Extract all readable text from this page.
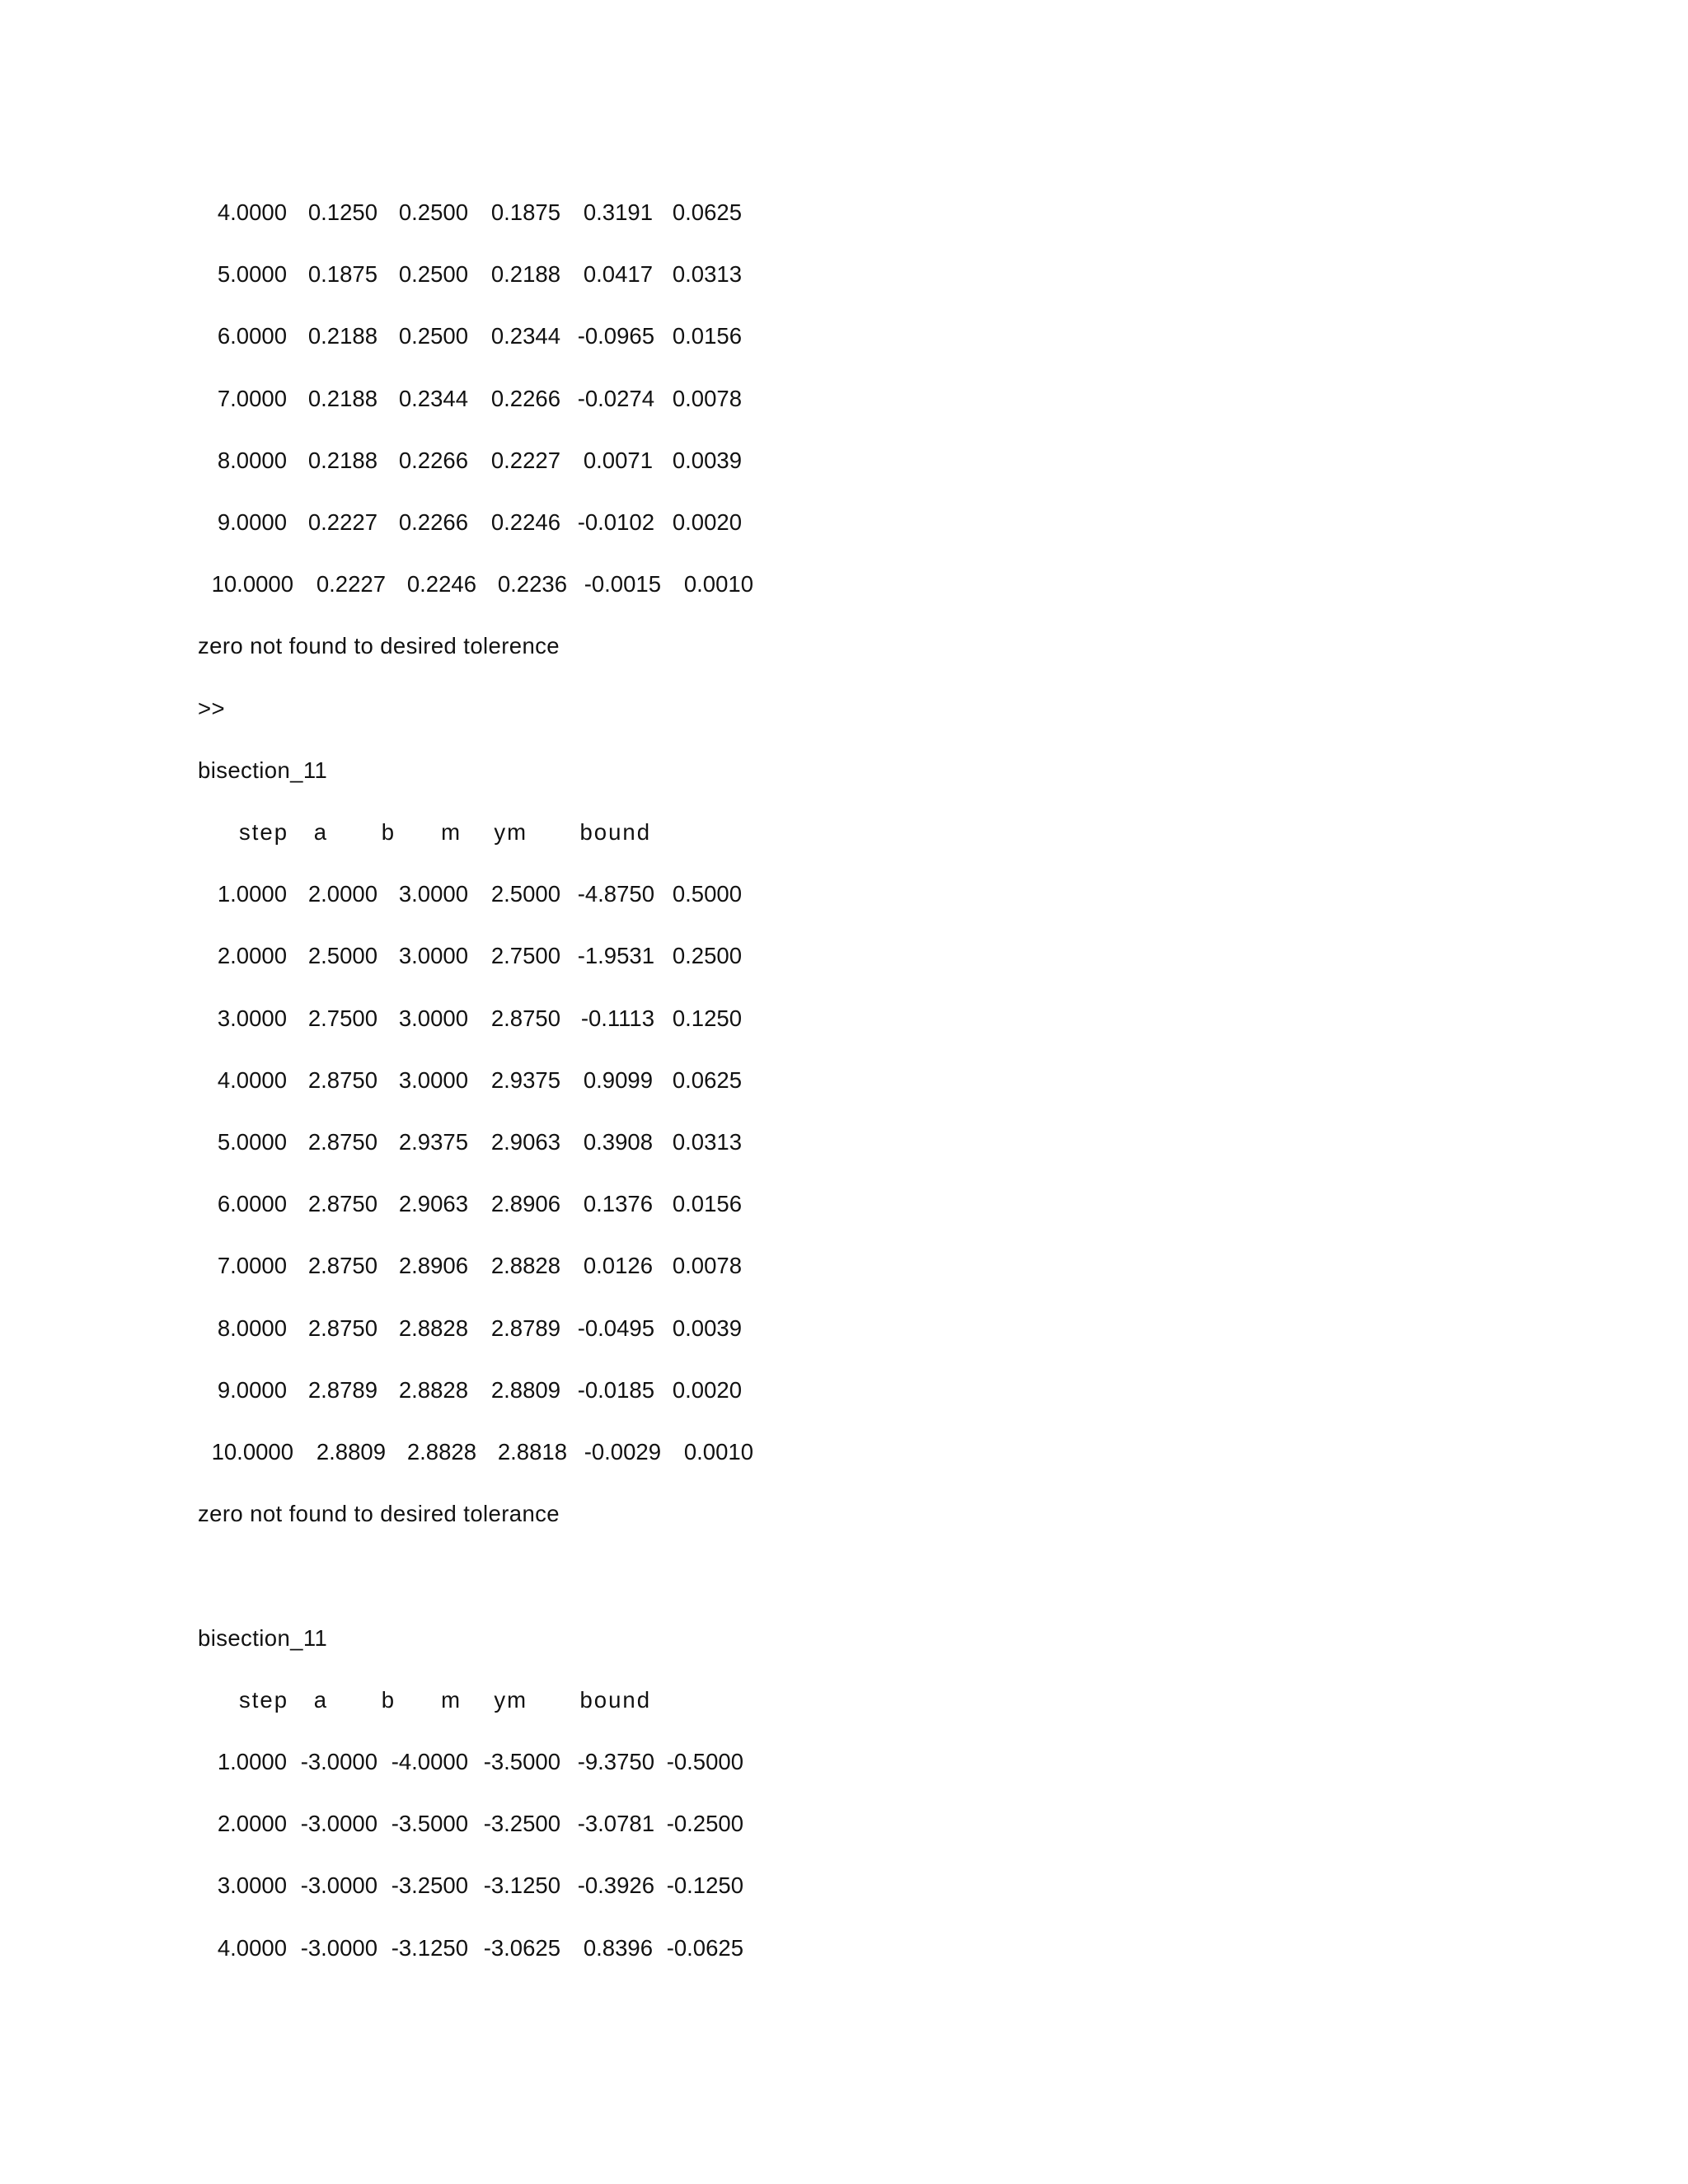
4.0000 0.1250 0.2500 0.1875 0.3191 0.0625
5.0000 0.1875 0.2500 0.2188 0.0417 0.0313
6.0000 0.2188 0.2500 0.2344 -0.0965 0.0156
7.0000 0.2188 0.2344 0.2266 -0.0274 0.0078
8.0000 0.2188 0.2266 0.2227 0.0071 0.0039
9.0000 0.2227 0.2266 0.2246 -0.0102 0.0020
10.0000 0.2227 0.2246 0.2236 -0.0015 0.0010
zero not found to desired tolerence
>>
bisection_11
step a b m ym bound
1.0000 2.0000 3.0000 2.5000 -4.8750 0.5000
2.0000 2.5000 3.0000 2.7500 -1.9531 0.2500
3.0000 2.7500 3.0000 2.8750 -0.1113 0.1250
4.0000 2.8750 3.0000 2.9375 0.9099 0.0625
5.0000 2.8750 2.9375 2.9063 0.3908 0.0313
6.0000 2.8750 2.9063 2.8906 0.1376 0.0156
7.0000 2.8750 2.8906 2.8828 0.0126 0.0078
8.0000 2.8750 2.8828 2.8789 -0.0495 0.0039
9.0000 2.8789 2.8828 2.8809 -0.0185 0.0020
10.0000 2.8809 2.8828 2.8818 -0.0029 0.0010
zero not found to desired tolerance
bisection_11
step a b m ym bound
1.0000 -3.0000 -4.0000 -3.5000 -9.3750 -0.5000
2.0000 -3.0000 -3.5000 -3.2500 -3.0781 -0.2500
3.0000 -3.0000 -3.2500 -3.1250 -0.3926 -0.1250
4.0000 -3.0000 -3.1250 -3.0625 0.8396 -0.0625
